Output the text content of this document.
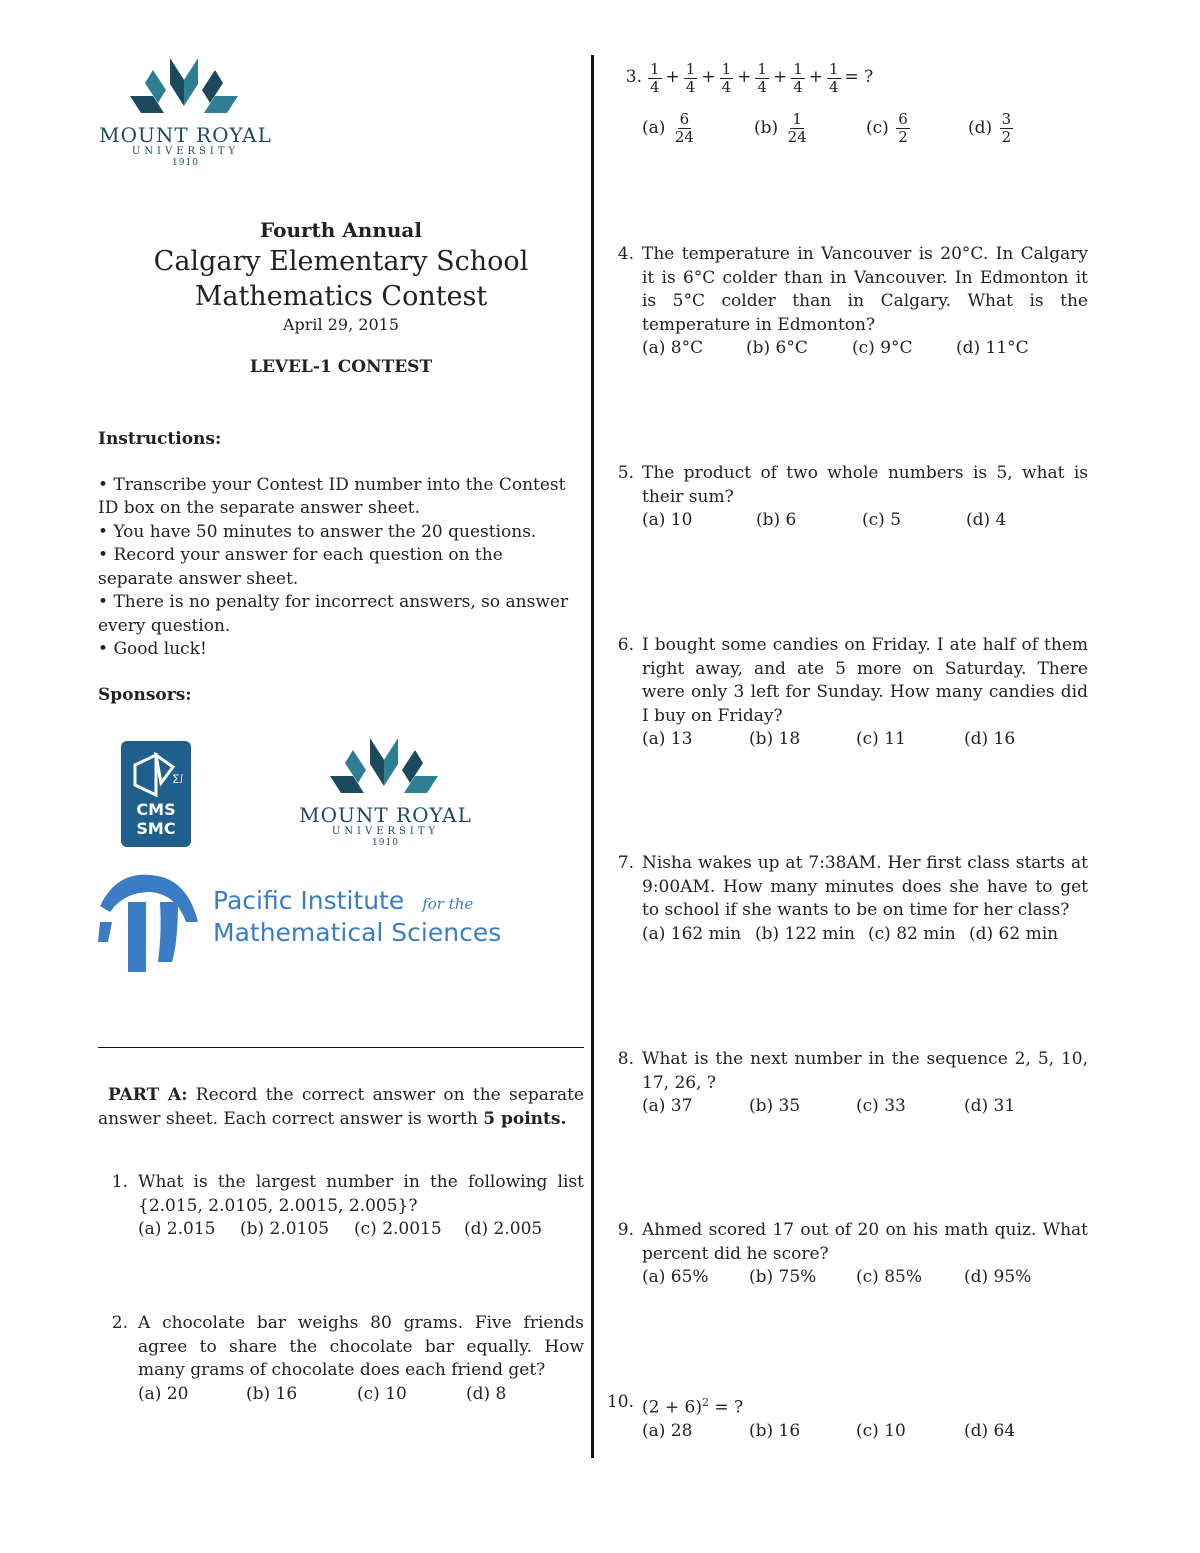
MOUNT ROYAL
UNIVERSITY
1910
Fourth Annual
Calgary Elementary School
Mathematics Contest
April 29, 2015
LEVEL-1 CONTEST
Instructions:
• Transcribe your Contest ID number into the Contest ID box on the separate answer sheet.
• You have 50 minutes to answer the 20 questions.
• Record your answer for each question on the separate answer sheet.
• There is no penalty for incorrect answers, so answer every question.
• Good luck!
Sponsors:
∑∫
CMS
SMC
MOUNT ROYAL
UNIVERSITY
1910
Pacific Institute for the
Mathematical Sciences
PART A: Record the correct answer on the separate answer sheet. Each correct answer is worth 5 points.
1. What is the largest number in the following list {2.015, 2.0105, 2.0015, 2.005}?
(a) 2.015	(b) 2.0105	(c) 2.0015	(d) 2.005
2. A chocolate bar weighs 80 grams. Five friends agree to share the chocolate bar equally. How many grams of chocolate does each friend get?
(a) 20	(b) 16	(c) 10	(d) 8
3. $\frac{1}{4} + \frac{1}{4} + \frac{1}{4} + \frac{1}{4} + \frac{1}{4} + \frac{1}{4}$ = ?
$(a) \frac{6}{24}$	$(b) \frac{1}{24}$	$(c) \frac{6}{2}$	$(d) \frac{3}{2}$
4. The temperature in Vancouver is 20°C. In Calgary it is 6°C colder than in Vancouver. In Edmonton it is 5°C colder than in Calgary. What is the temperature in Edmonton?
(a) 8°C	(b) 6°C	(c) 9°C	(d) 11°C
5. The product of two whole numbers is 5, what is their sum?
(a) 10	(b) 6	(c) 5	(d) 4
6. I bought some candies on Friday. I ate half of them right away, and ate 5 more on Saturday. There were only 3 left for Sunday. How many candies did I buy on Friday?
(a) 13	(b) 18	(c) 11	(d) 16
7. Nisha wakes up at 7:38AM. Her first class starts at 9:00AM. How many minutes does she have to get to school if she wants to be on time for her class?
(a) 162 min (b) 122 min (c) 82 min (d) 62 min
8. What is the next number in the sequence 2, 5, 10, 17, 26, ?
(a) 37	(b) 35	(c) 33	(d) 31
9. Ahmed scored 17 out of 20 on his math quiz. What percent did he score?
(a) 65%	(b) 75%	(c) 85%	(d) 95%
10. $(2 + 6)^2$ = ?
(a) 28	(b) 16	(c) 10	(d) 64
